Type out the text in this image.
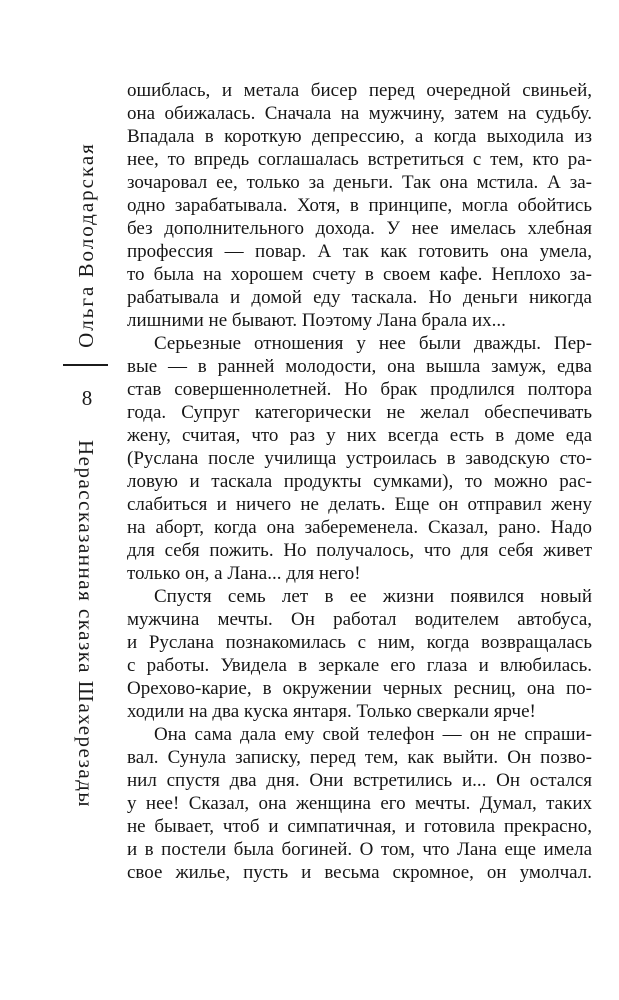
Ольга Володарская
8
Нерассказанная сказка Шахерезады
ошиблась, и метала бисер перед очередной свиньей,
она обижалась. Сначала на мужчину, затем на судьбу.
Впадала в короткую депрессию, а когда выходила из
нее, то впредь соглашалась встретиться с тем, кто ра-
зочаровал ее, только за деньги. Так она мстила. А за-
одно зарабатывала. Хотя, в принципе, могла обойтись
без дополнительного дохода. У нее имелась хлебная
профессия — повар. А так как готовить она умела,
то была на хорошем счету в своем кафе. Неплохо за-
рабатывала и домой еду таскала. Но деньги никогда
лишними не бывают. Поэтому Лана брала их...
Серьезные отношения у нее были дважды. Пер-
вые — в ранней молодости, она вышла замуж, едва
став совершеннолетней. Но брак продлился полтора
года. Супруг категорически не желал обеспечивать
жену, считая, что раз у них всегда есть в доме еда
(Руслана после училища устроилась в заводскую сто-
ловую и таскала продукты сумками), то можно рас-
слабиться и ничего не делать. Еще он отправил жену
на аборт, когда она забеременела. Сказал, рано. Надо
для себя пожить. Но получалось, что для себя живет
только он, а Лана... для него!
Спустя семь лет в ее жизни появился новый
мужчина мечты. Он работал водителем автобуса,
и Руслана познакомилась с ним, когда возвращалась
с работы. Увидела в зеркале его глаза и влюбилась.
Орехово-карие, в окружении черных ресниц, она по-
ходили на два куска янтаря. Только сверкали ярче!
Она сама дала ему свой телефон — он не спраши-
вал. Сунула записку, перед тем, как выйти. Он позво-
нил спустя два дня. Они встретились и... Он остался
у нее! Сказал, она женщина его мечты. Думал, таких
не бывает, чтоб и симпатичная, и готовила прекрасно,
и в постели была богиней. О том, что Лана еще имела
свое жилье, пусть и весьма скромное, он умолчал.
